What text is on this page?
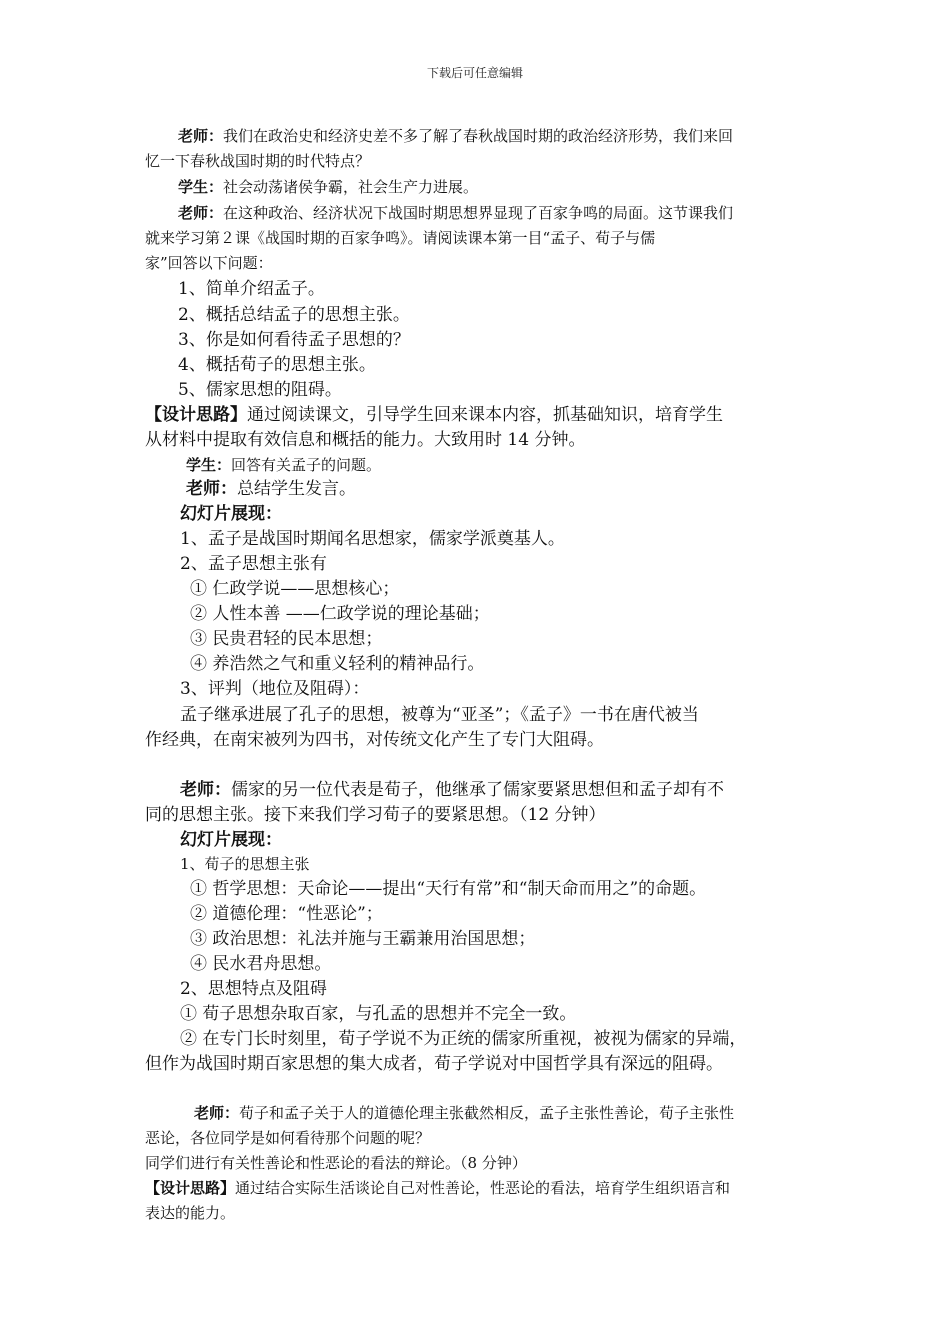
下载后可任意编辑
老师：我们在政治史和经济史差不多了解了春秋战国时期的政治经济形势，我们来回
忆一下春秋战国时期的时代特点？
学生：社会动荡诸侯争霸，社会生产力进展。
老师：在这种政治、经济状况下战国时期思想界显现了百家争鸣的局面。这节课我们
就来学习第２课《战国时期的百家争鸣》。请阅读课本第一目“孟子、荀子与儒
家”回答以下问题：
1、简单介绍孟子。
2、概括总结孟子的思想主张。
3、你是如何看待孟子思想的？
4、概括荀子的思想主张。
5、儒家思想的阻碍。
【设计思路】通过阅读课文，引导学生回来课本内容，抓基础知识，培育学生
从材料中提取有效信息和概括的能力。大致用时 14 分钟。
学生：回答有关孟子的问题。
老师：总结学生发言。
幻灯片展现：
1、孟子是战国时期闻名思想家，儒家学派奠基人。
2、孟子思想主张有
① 仁政学说——思想核心；
② 人性本善 ——仁政学说的理论基础；
③ 民贵君轻的民本思想；
④ 养浩然之气和重义轻利的精神品行。
3、评判（地位及阻碍）：
孟子继承进展了孔子的思想，被尊为“亚圣”；《孟子》一书在唐代被当
作经典，在南宋被列为四书，对传统文化产生了专门大阻碍。
老师：儒家的另一位代表是荀子，他继承了儒家要紧思想但和孟子却有不
同的思想主张。接下来我们学习荀子的要紧思想。（12 分钟）
幻灯片展现：
1、荀子的思想主张
① 哲学思想：天命论——提出“天行有常”和“制天命而用之”的命题。
② 道德伦理：“性恶论”；
③ 政治思想：礼法并施与王霸兼用治国思想；
④ 民水君舟思想。
2、思想特点及阻碍
① 荀子思想杂取百家，与孔孟的思想并不完全一致。
② 在专门长时刻里，荀子学说不为正统的儒家所重视，被视为儒家的异端，
但作为战国时期百家思想的集大成者，荀子学说对中国哲学具有深远的阻碍。
老师：荀子和孟子关于人的道德伦理主张截然相反，孟子主张性善论，荀子主张性
恶论，各位同学是如何看待那个问题的呢？
同学们进行有关性善论和性恶论的看法的辩论。（8 分钟）
【设计思路】通过结合实际生活谈论自己对性善论，性恶论的看法，培育学生组织语言和
表达的能力。
